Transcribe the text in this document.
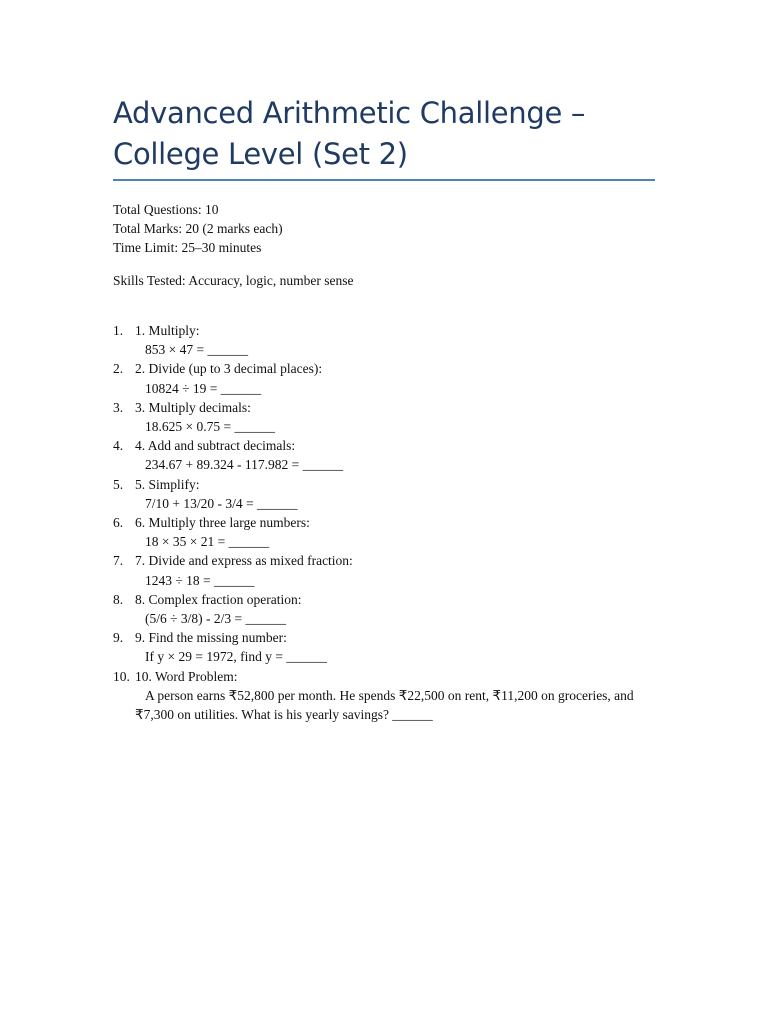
Advanced Arithmetic Challenge – College Level (Set 2)
Total Questions: 10
Total Marks: 20 (2 marks each)
Time Limit: 25–30 minutes
Skills Tested: Accuracy, logic, number sense
1. 1. Multiply:
853 × 47 = ______
2. 2. Divide (up to 3 decimal places):
10824 ÷ 19 = ______
3. 3. Multiply decimals:
18.625 × 0.75 = ______
4. 4. Add and subtract decimals:
234.67 + 89.324 - 117.982 = ______
5. 5. Simplify:
7/10 + 13/20 - 3/4 = ______
6. 6. Multiply three large numbers:
18 × 35 × 21 = ______
7. 7. Divide and express as mixed fraction:
1243 ÷ 18 = ______
8. 8. Complex fraction operation:
(5/6 ÷ 3/8) - 2/3 = ______
9. 9. Find the missing number:
If y × 29 = 1972, find y = ______
10. 10. Word Problem:
A person earns ₹52,800 per month. He spends ₹22,500 on rent, ₹11,200 on groceries, and ₹7,300 on utilities. What is his yearly savings? ______
